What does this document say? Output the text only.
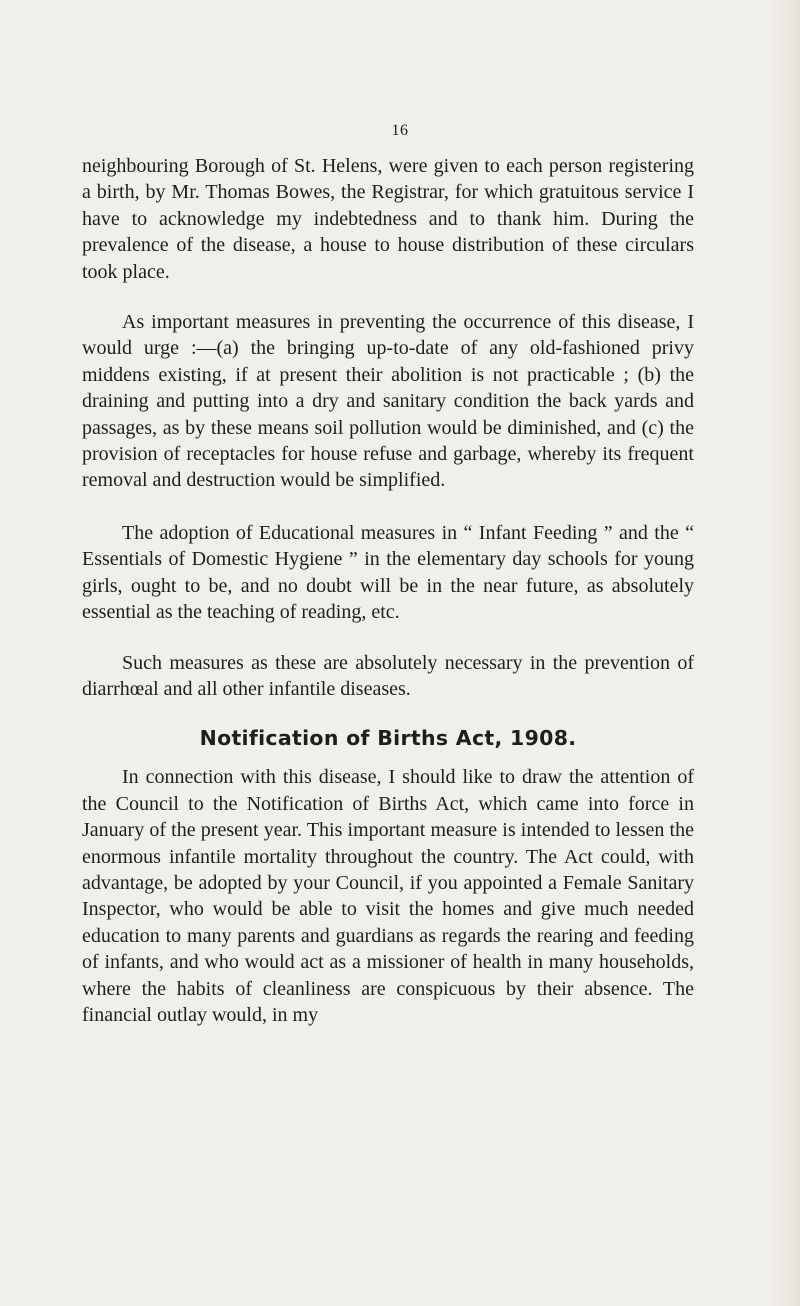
16

neighbouring Borough of St. Helens, were given to each person registering a birth, by Mr. Thomas Bowes, the Registrar, for which gratuitous service I have to acknowledge my indebtedness and to thank him. During the prevalence of the disease, a house to house distribution of these circulars took place.

As important measures in preventing the occurrence of this disease, I would urge :—(a) the bringing up-to-date of any old-fashioned privy middens existing, if at present their abolition is not practicable ; (b) the draining and putting into a dry and sanitary condition the back yards and passages, as by these means soil pollution would be diminished, and (c) the provision of receptacles for house refuse and garbage, whereby its frequent removal and destruction would be simplified.

The adoption of Educational measures in “ Infant Feeding ” and the “ Essentials of Domestic Hygiene ” in the elementary day schools for young girls, ought to be, and no doubt will be in the near future, as absolutely essential as the teaching of reading, etc.

Such measures as these are absolutely necessary in the prevention of diarrhœal and all other infantile diseases.

Notification of Births Act, 1908.

In connection with this disease, I should like to draw the attention of the Council to the Notification of Births Act, which came into force in January of the present year. This important measure is intended to lessen the enormous infantile mortality throughout the country. The Act could, with advantage, be adopted by your Council, if you appointed a Female Sanitary Inspector, who would be able to visit the homes and give much needed education to many parents and guardians as regards the rearing and feeding of infants, and who would act as a missioner of health in many households, where the habits of cleanliness are conspicuous by their absence. The financial outlay would, in my
